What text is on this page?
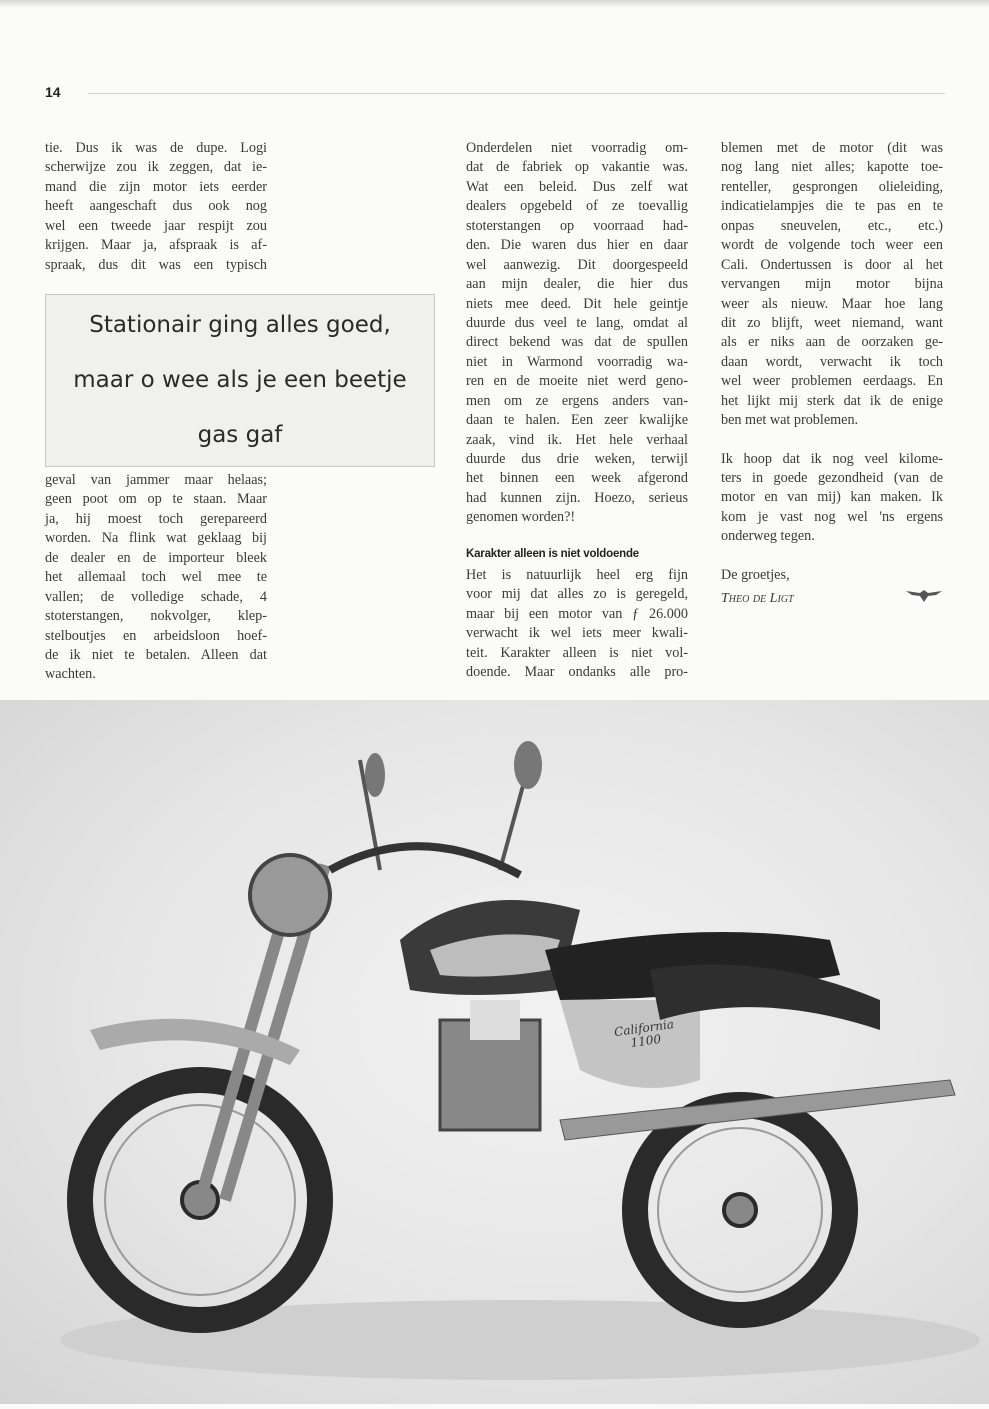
14
tie. Dus ik was de dupe. Logi
scherwijze zou ik zeggen, dat ie-
mand die zijn motor iets eerder
heeft aangeschaft dus ook nog
wel een tweede jaar respijt zou
krijgen. Maar ja, afspraak is af-
spraak, dus dit was een typisch
Stationair ging alles goed,
maar o wee als je een beetje
gas gaf
geval van jammer maar helaas;
geen poot om op te staan. Maar
ja, hij moest toch gerepareerd
worden. Na flink wat geklaag bij
de dealer en de importeur bleek
het allemaal toch wel mee te
vallen; de volledige schade, 4
stoterstangen, nokvolger, klep-
stelboutjes en arbeidsloon hoef-
de ik niet te betalen. Alleen dat
wachten.
Onderdelen niet voorradig om-
dat de fabriek op vakantie was.
Wat een beleid. Dus zelf wat
dealers opgebeld of ze toevallig
stoterstangen op voorraad had-
den. Die waren dus hier en daar
wel aanwezig. Dit doorgespeeld
aan mijn dealer, die hier dus
niets mee deed. Dit hele geintje
duurde dus veel te lang, omdat al
direct bekend was dat de spullen
niet in Warmond voorradig wa-
ren en de moeite niet werd geno-
men om ze ergens anders van-
daan te halen. Een zeer kwalijke
zaak, vind ik. Het hele verhaal
duurde dus drie weken, terwijl
het binnen een week afgerond
had kunnen zijn. Hoezo, serieus
genomen worden?!
Karakter alleen is niet voldoende
Het is natuurlijk heel erg fijn
voor mij dat alles zo is geregeld,
maar bij een motor van ƒ 26.000
verwacht ik wel iets meer kwali-
teit. Karakter alleen is niet vol-
doende. Maar ondanks alle pro-
blemen met de motor (dit was
nog lang niet alles; kapotte toe-
renteller, gesprongen olieleiding,
indicatielampjes die te pas en te
onpas sneuvelen, etc., etc.)
wordt de volgende toch weer een
Cali. Ondertussen is door al het
vervangen mijn motor bijna
weer als nieuw. Maar hoe lang
dit zo blijft, weet niemand, want
als er niks aan de oorzaken ge-
daan wordt, verwacht ik toch
wel weer problemen eerdaags. En
het lijkt mij sterk dat ik de enige
ben met wat problemen.
Ik hoop dat ik nog veel kilome-
ters in goede gezondheid (van de
motor en van mij) kan maken. Ik
kom je vast nog wel 'ns ergens
onderweg tegen.
De groetjes,
Theo de Ligt
California 1100
